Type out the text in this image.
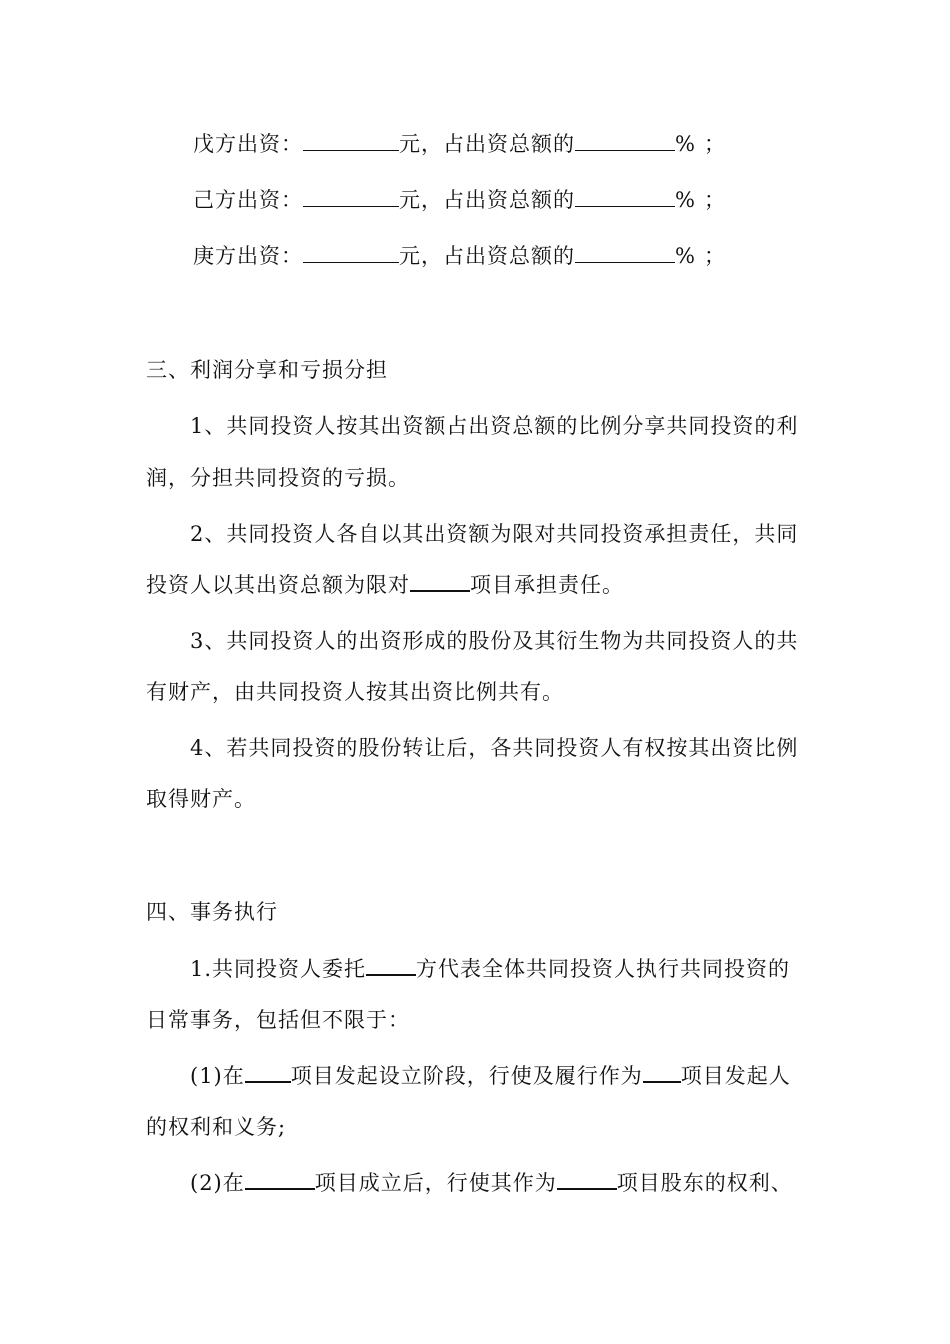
戊方出资：	元，占出资总额的	% ；
己方出资：	元，占出资总额的	% ；
庚方出资：	元，占出资总额的	% ；
三、利润分享和亏损分担
1、共同投资人按其出资额占出资总额的比例分享共同投资的利
润，分担共同投资的亏损。
2、共同投资人各自以其出资额为限对共同投资承担责任，共同
投资人以其出资总额为限对	项目承担责任。
3、共同投资人的出资形成的股份及其衍生物为共同投资人的共
有财产，由共同投资人按其出资比例共有。
4、若共同投资的股份转让后，各共同投资人有权按其出资比例
取得财产。
四、事务执行
1.共同投资人委托 方代表全体共同投资人执行共同投资的
日常事务，包括但不限于：
(1)在 项目发起设立阶段，行使及履行作为 项目发起人
的权利和义务;
(2)在	项目成立后，行使其作为	项目股东的权利、
